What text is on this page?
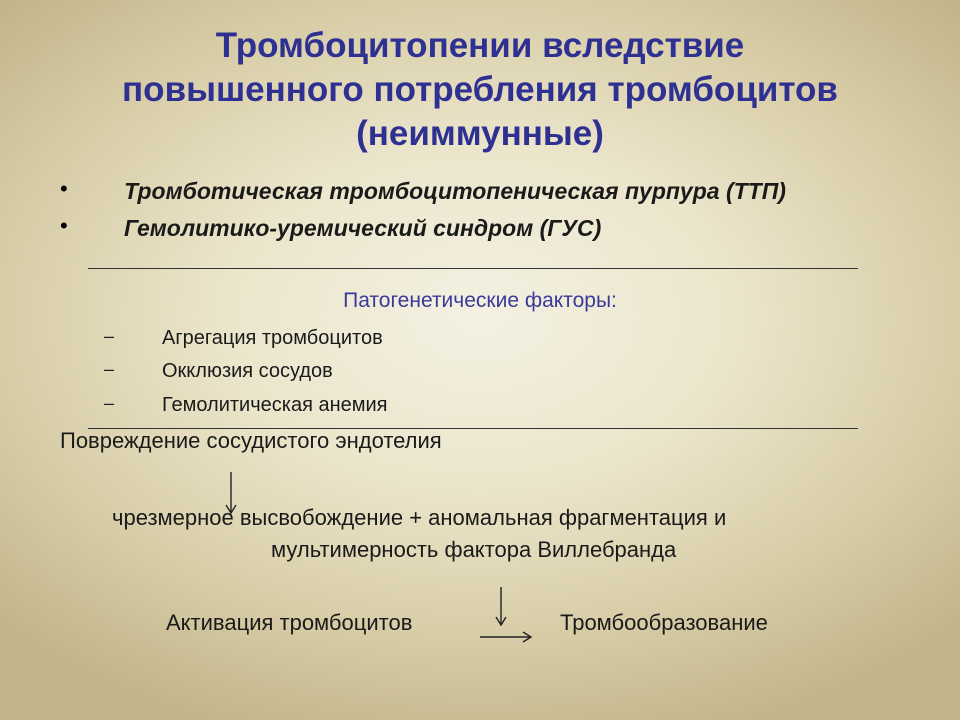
Тромбоцитопении вследствие
повышенного потребления тромбоцитов
(неиммунные)
• Тромботическая тромбоцитопеническая пурпура (ТТП)
• Гемолитико-уремический синдром (ГУС)
Патогенетические факторы:
– Агрегация тромбоцитов
– Окклюзия сосудов
– Гемолитическая анемия
Повреждение сосудистого эндотелия
чрезмерное высвобождение + аномальная фрагментация и
мультимерность фактора Виллебранда
Активация тромбоцитов	Тромбообразование
